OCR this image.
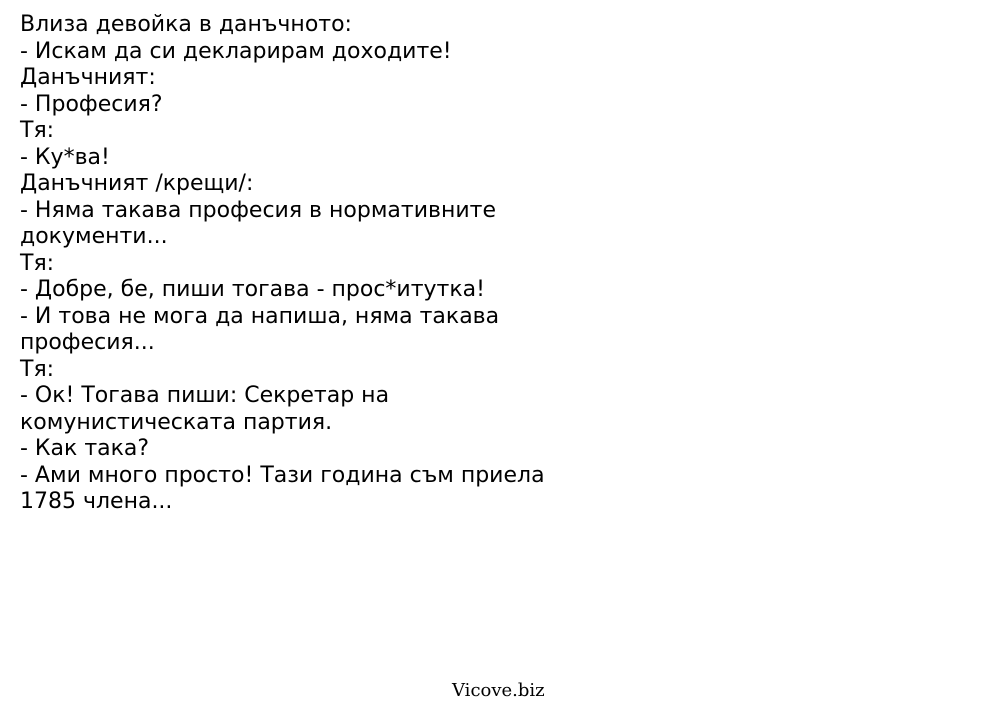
Влиза девойка в данъчното:
- Искам да си декларирам доходите!
Данъчният:
- Професия?
Тя:
- Ку*ва!
Данъчният /крещи/:
- Няма такава професия в нормативните
документи...
Тя:
- Добре, бе, пиши тогава - прос*итутка!
- И това не мога да напиша, няма такава
професия...
Тя:
- Ок! Тогава пиши: Секретар на
комунистическата партия.
- Как така?
- Ами много просто! Тази година съм приела
1785 члена...
Vicove.biz
